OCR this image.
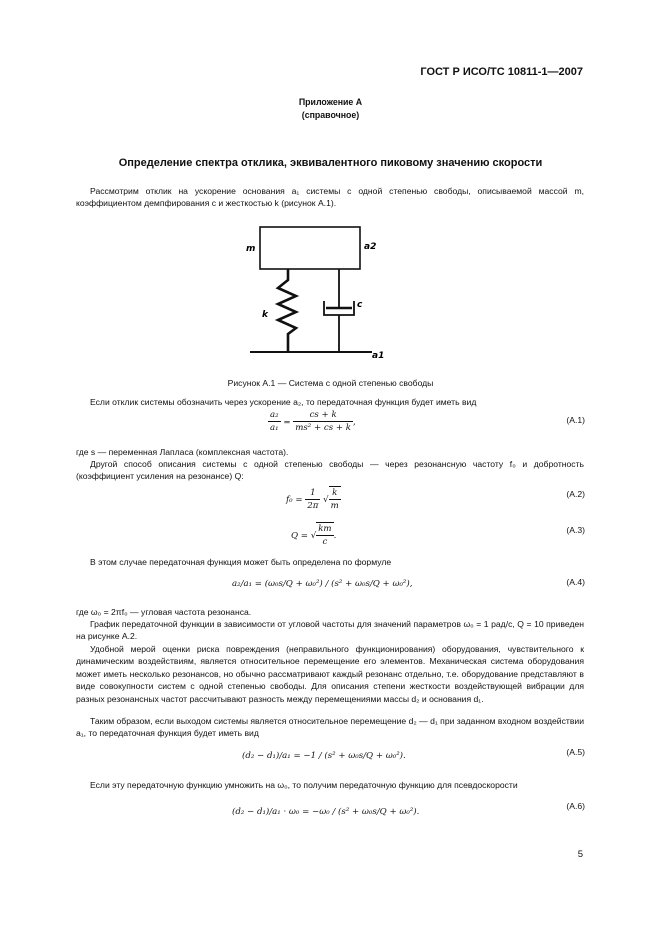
ГОСТ Р ИСО/ТС 10811-1—2007
Приложение А
(справочное)
Определение спектра отклика, эквивалентного пиковому значению скорости

Рассмотрим отклик на ускорение основания a₁ системы с одной степенью свободы, описываемой массой m, коэффициентом демпфирования c и жесткостью k (рисунок А.1).

m	a2
k
c
a1
Рисунок А.1 — Система с одной степенью свободы

Если отклик системы обозначить через ускорение a₂, то передаточная функция будет иметь вид

$\frac{\text{a₂}}{\text{a₁}} = \frac{cs + k}{\text{ms² + cs + k}}$ ,	(А.1)

где s — переменная Лапласа (комплексная частота).

Другой способ описания системы с одной степенью свободы — через резонансную частоту f₀ и добротность (коэффициент усиления на резонансе) Q:

$f_0 = \frac{1}{2\pi}$ √ $\frac{k}{m}$	(А.2)
Q = √ $\frac{km}{c}$ .
(А.3)

В этом случае передаточная функция может быть определена по формуле

a₂/a₁ = (ω₀s/Q + ω₀²) / (s² + ω₀s/Q + ω₀²),	(А.4)

где ω₀ = 2πf₀ — угловая частота резонанса.

График передаточной функции в зависимости от угловой частоты для значений параметров ω₀ = 1 рад/с, Q = 10 приведен на рисунке А.2.

Удобной мерой оценки риска повреждения (неправильного функционирования) оборудования, чувствительного к динамическим воздействиям, является относительное перемещение его элементов. Механическая система оборудования может иметь несколько резонансов, но обычно рассматривают каждый резонанс отдельно, т.е. оборудование представляют в виде совокупности систем с одной степенью свободы. Для описания степени жесткости воздействующей вибрации для разных резонансных частот рассчитывают разность между перемещениями массы d₂ и основания d₁.

Таким образом, если выходом системы является относительное перемещение d₂ — d₁ при заданном входном воздействии a₁, то передаточная функция будет иметь вид

(d₂ − d₁)/a₁ = −1 / (s² + ω₀s/Q + ω₀²).	(А.5)

Если эту передаточную функцию умножить на ω₀, то получим передаточную функцию для псевдоскорости

(d₂ − d₁)/a₁ · ω₀ = −ω₀ / (s² + ω₀s/Q + ω₀²).
(А.6)
5
